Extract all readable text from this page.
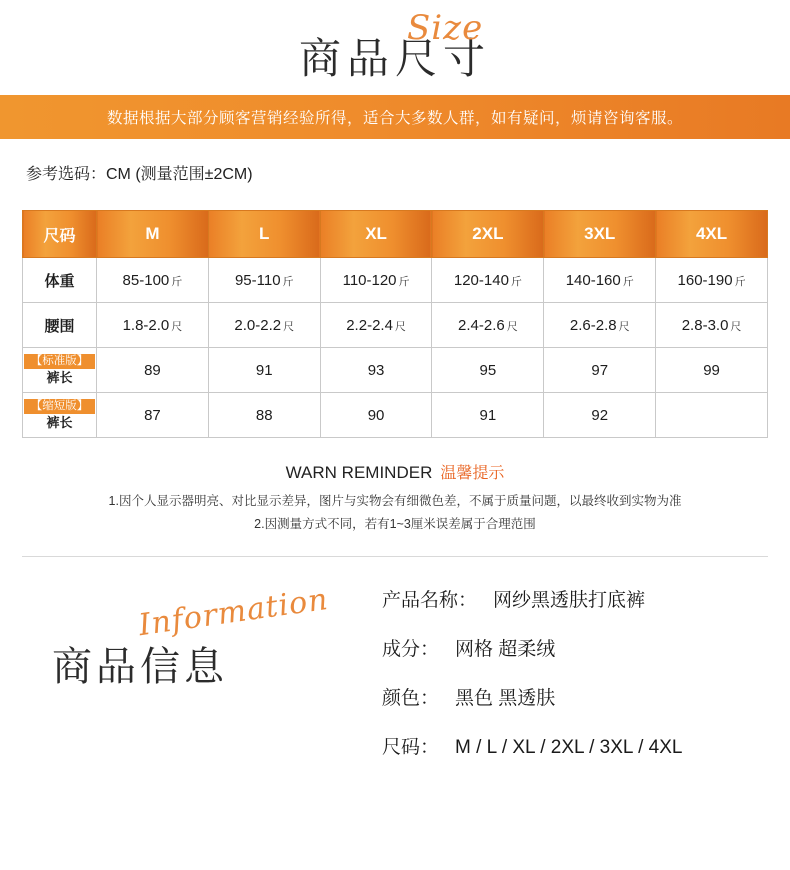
商品尺寸
Size
数据根据大部分顾客营销经验所得，适合大多数人群，如有疑问，烦请咨询客服。
参考选码：CM (测量范围±2CM)
尺码	M	L	XL	2XL	3XL	4XL
体重	85-100 斤	95-110 斤	110-120 斤	120-140 斤	140-160 斤	160-190 斤
腰围	1.8-2.0 尺	2.0-2.2 尺	2.2-2.4 尺	2.4-2.6 尺	2.6-2.8 尺	2.8-3.0 尺

【标准版】
裤长	89	91	93	95	97	99

【缩短版】
裤长	87	88	90	91	92	
WARN REMINDER 温馨提示
1.因个人显示器明亮、对比显示差异，图片与实物会有细微色差，不属于质量问题，以最终收到实物为准
2.因测量方式不同，若有1~3厘米误差属于合理范围
商品信息
Information	产品名称： 网纱黑透肤打底裤
成分： 网格 超柔绒
颜色： 黑色 黑透肤
尺码： M / L / XL / 2XL / 3XL / 4XL
